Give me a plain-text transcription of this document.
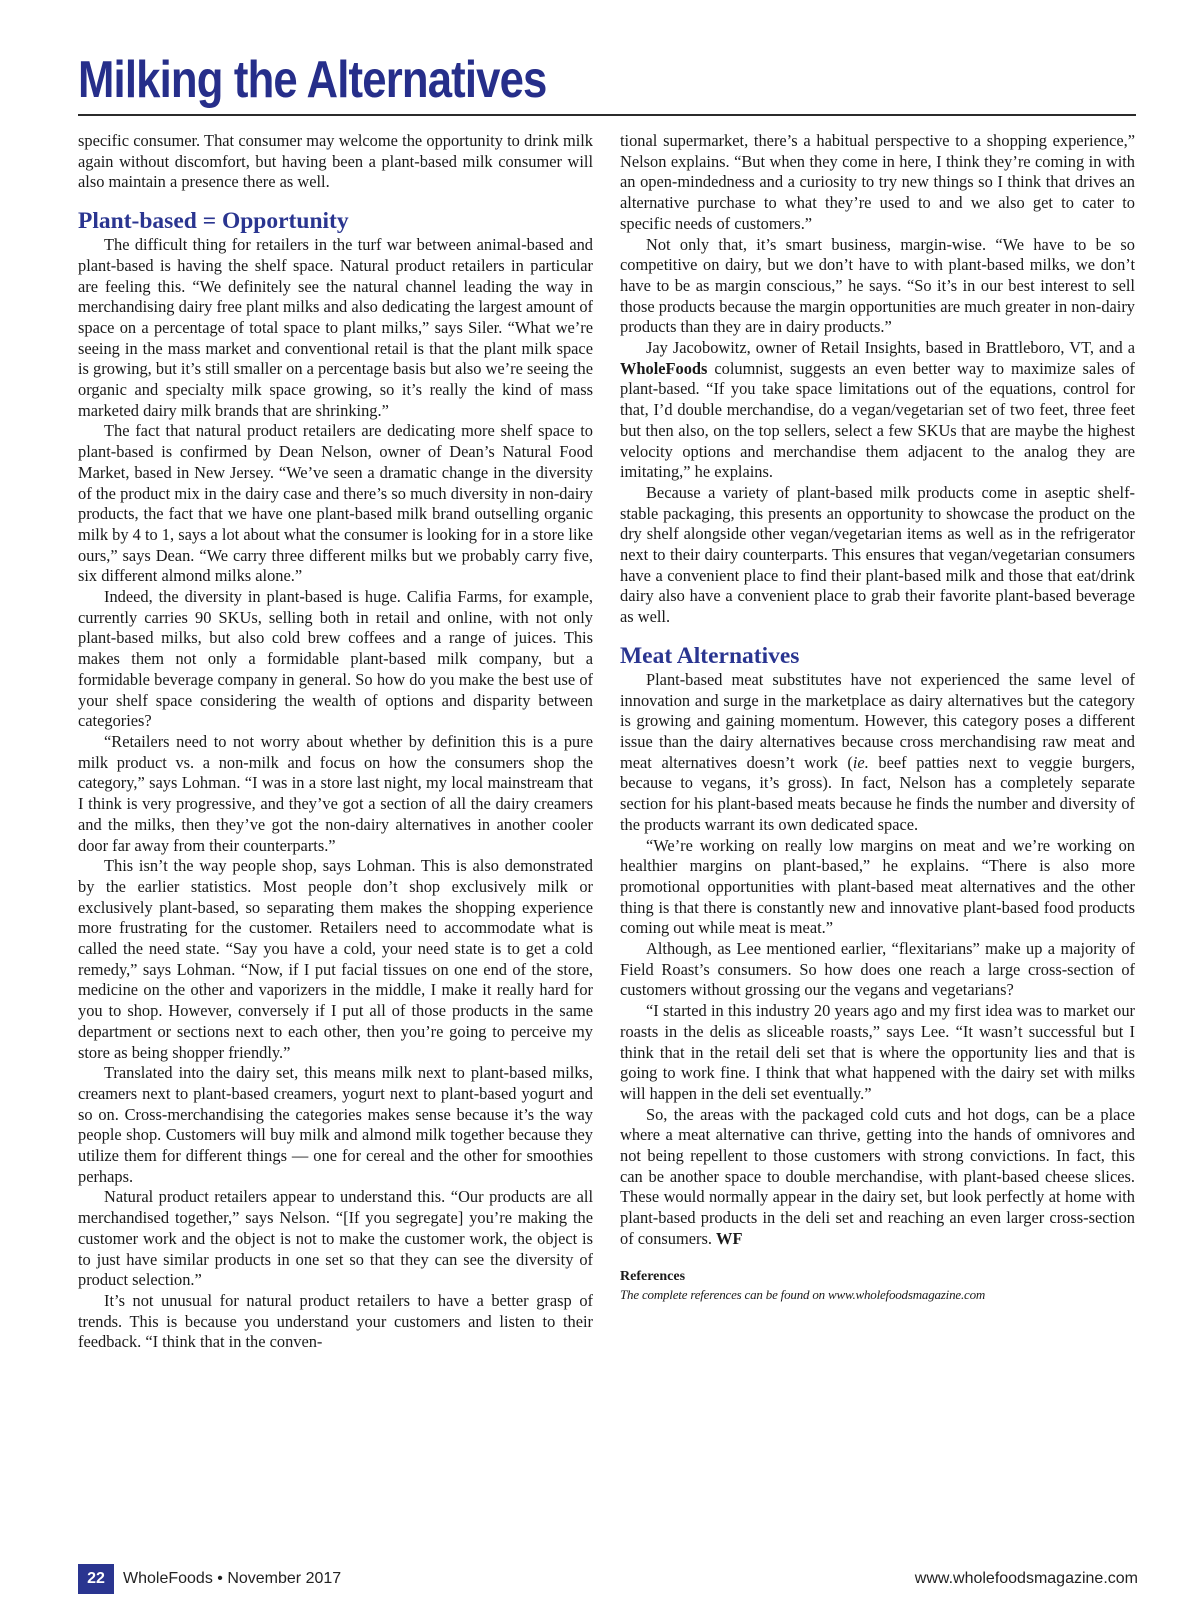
Milking the Alternatives

specific consumer. That consumer may welcome the opportunity to drink milk again without discomfort, but having been a plant-based milk consumer will also maintain a presence there as well.

Plant-based = Opportunity

The difficult thing for retailers in the turf war between animal-based and plant-based is having the shelf space. Natural product retailers in particular are feeling this. “We definitely see the natural channel leading the way in merchandising dairy free plant milks and also dedicating the largest amount of space on a percentage of total space to plant milks,” says Siler. “What we’re seeing in the mass market and conventional retail is that the plant milk space is growing, but it’s still smaller on a percentage basis but also we’re seeing the organic and specialty milk space growing, so it’s really the kind of mass marketed dairy milk brands that are shrinking.”

The fact that natural product retailers are dedicating more shelf space to plant-based is confirmed by Dean Nelson, owner of Dean’s Natural Food Market, based in New Jersey. “We’ve seen a dramatic change in the diversity of the product mix in the dairy case and there’s so much diversity in non-dairy products, the fact that we have one plant-based milk brand outselling organic milk by 4 to 1, says a lot about what the consumer is looking for in a store like ours,” says Dean. “We carry three different milks but we probably carry five, six different almond milks alone.”

Indeed, the diversity in plant-based is huge. Califia Farms, for example, currently carries 90 SKUs, selling both in retail and online, with not only plant-based milks, but also cold brew coffees and a range of juices. This makes them not only a formidable plant-based milk company, but a formidable beverage company in general. So how do you make the best use of your shelf space considering the wealth of options and disparity between categories?

“Retailers need to not worry about whether by definition this is a pure milk product vs. a non-milk and focus on how the consumers shop the category,” says Lohman. “I was in a store last night, my local mainstream that I think is very progressive, and they’ve got a section of all the dairy creamers and the milks, then they’ve got the non-dairy alternatives in another cooler door far away from their counterparts.”

This isn’t the way people shop, says Lohman. This is also demonstrated by the earlier statistics. Most people don’t shop exclusively milk or exclusively plant-based, so separating them makes the shopping experience more frustrating for the customer. Retailers need to accommodate what is called the need state. “Say you have a cold, your need state is to get a cold remedy,” says Lohman. “Now, if I put facial tissues on one end of the store, medicine on the other and vaporizers in the middle, I make it really hard for you to shop. However, conversely if I put all of those products in the same department or sections next to each other, then you’re going to perceive my store as being shopper friendly.”

Translated into the dairy set, this means milk next to plant-based milks, creamers next to plant-based creamers, yogurt next to plant-based yogurt and so on. Cross-merchandising the categories makes sense because it’s the way people shop. Customers will buy milk and almond milk together because they utilize them for different things — one for cereal and the other for smoothies perhaps.

Natural product retailers appear to understand this. “Our products are all merchandised together,” says Nelson. “[If you segregate] you’re making the customer work and the object is not to make the customer work, the object is to just have similar products in one set so that they can see the diversity of product selection.”

It’s not unusual for natural product retailers to have a better grasp of trends. This is because you understand your customers and listen to their feedback. “I think that in the conven-

tional supermarket, there’s a habitual perspective to a shopping experience,” Nelson explains. “But when they come in here, I think they’re coming in with an open-mindedness and a curiosity to try new things so I think that drives an alternative purchase to what they’re used to and we also get to cater to specific needs of customers.”

Not only that, it’s smart business, margin-wise. “We have to be so competitive on dairy, but we don’t have to with plant-based milks, we don’t have to be as margin conscious,” he says. “So it’s in our best interest to sell those products because the margin opportunities are much greater in non-dairy products than they are in dairy products.”

Jay Jacobowitz, owner of Retail Insights, based in Brattleboro, VT, and a WholeFoods columnist, suggests an even better way to maximize sales of plant-based. “If you take space limitations out of the equations, control for that, I’d double merchandise, do a vegan/vegetarian set of two feet, three feet but then also, on the top sellers, select a few SKUs that are maybe the highest velocity options and merchandise them adjacent to the analog they are imitating,” he explains.

Because a variety of plant-based milk products come in aseptic shelf-stable packaging, this presents an opportunity to showcase the product on the dry shelf alongside other vegan/vegetarian items as well as in the refrigerator next to their dairy counterparts. This ensures that vegan/vegetarian consumers have a convenient place to find their plant-based milk and those that eat/drink dairy also have a convenient place to grab their favorite plant-based beverage as well.

Meat Alternatives

Plant-based meat substitutes have not experienced the same level of innovation and surge in the marketplace as dairy alternatives but the category is growing and gaining momentum. However, this category poses a different issue than the dairy alternatives because cross merchandising raw meat and meat alternatives doesn’t work (ie. beef patties next to veggie burgers, because to vegans, it’s gross). In fact, Nelson has a completely separate section for his plant-based meats because he finds the number and diversity of the products warrant its own dedicated space.

“We’re working on really low margins on meat and we’re working on healthier margins on plant-based,” he explains. “There is also more promotional opportunities with plant-based meat alternatives and the other thing is that there is constantly new and innovative plant-based food products coming out while meat is meat.”

Although, as Lee mentioned earlier, “flexitarians” make up a majority of Field Roast’s consumers. So how does one reach a large cross-section of customers without grossing our the vegans and vegetarians?

“I started in this industry 20 years ago and my first idea was to market our roasts in the delis as sliceable roasts,” says Lee. “It wasn’t successful but I think that in the retail deli set that is where the opportunity lies and that is going to work fine. I think that what happened with the dairy set with milks will happen in the deli set eventually.”

So, the areas with the packaged cold cuts and hot dogs, can be a place where a meat alternative can thrive, getting into the hands of omnivores and not being repellent to those customers with strong convictions. In fact, this can be another space to double merchandise, with plant-based cheese slices. These would normally appear in the dairy set, but look perfectly at home with plant-based products in the deli set and reaching an even larger cross-section of consumers. WF

References
The complete references can be found on www.wholefoodsmagazine.com
22	WholeFoods • November 2017	www.wholefoodsmagazine.com
